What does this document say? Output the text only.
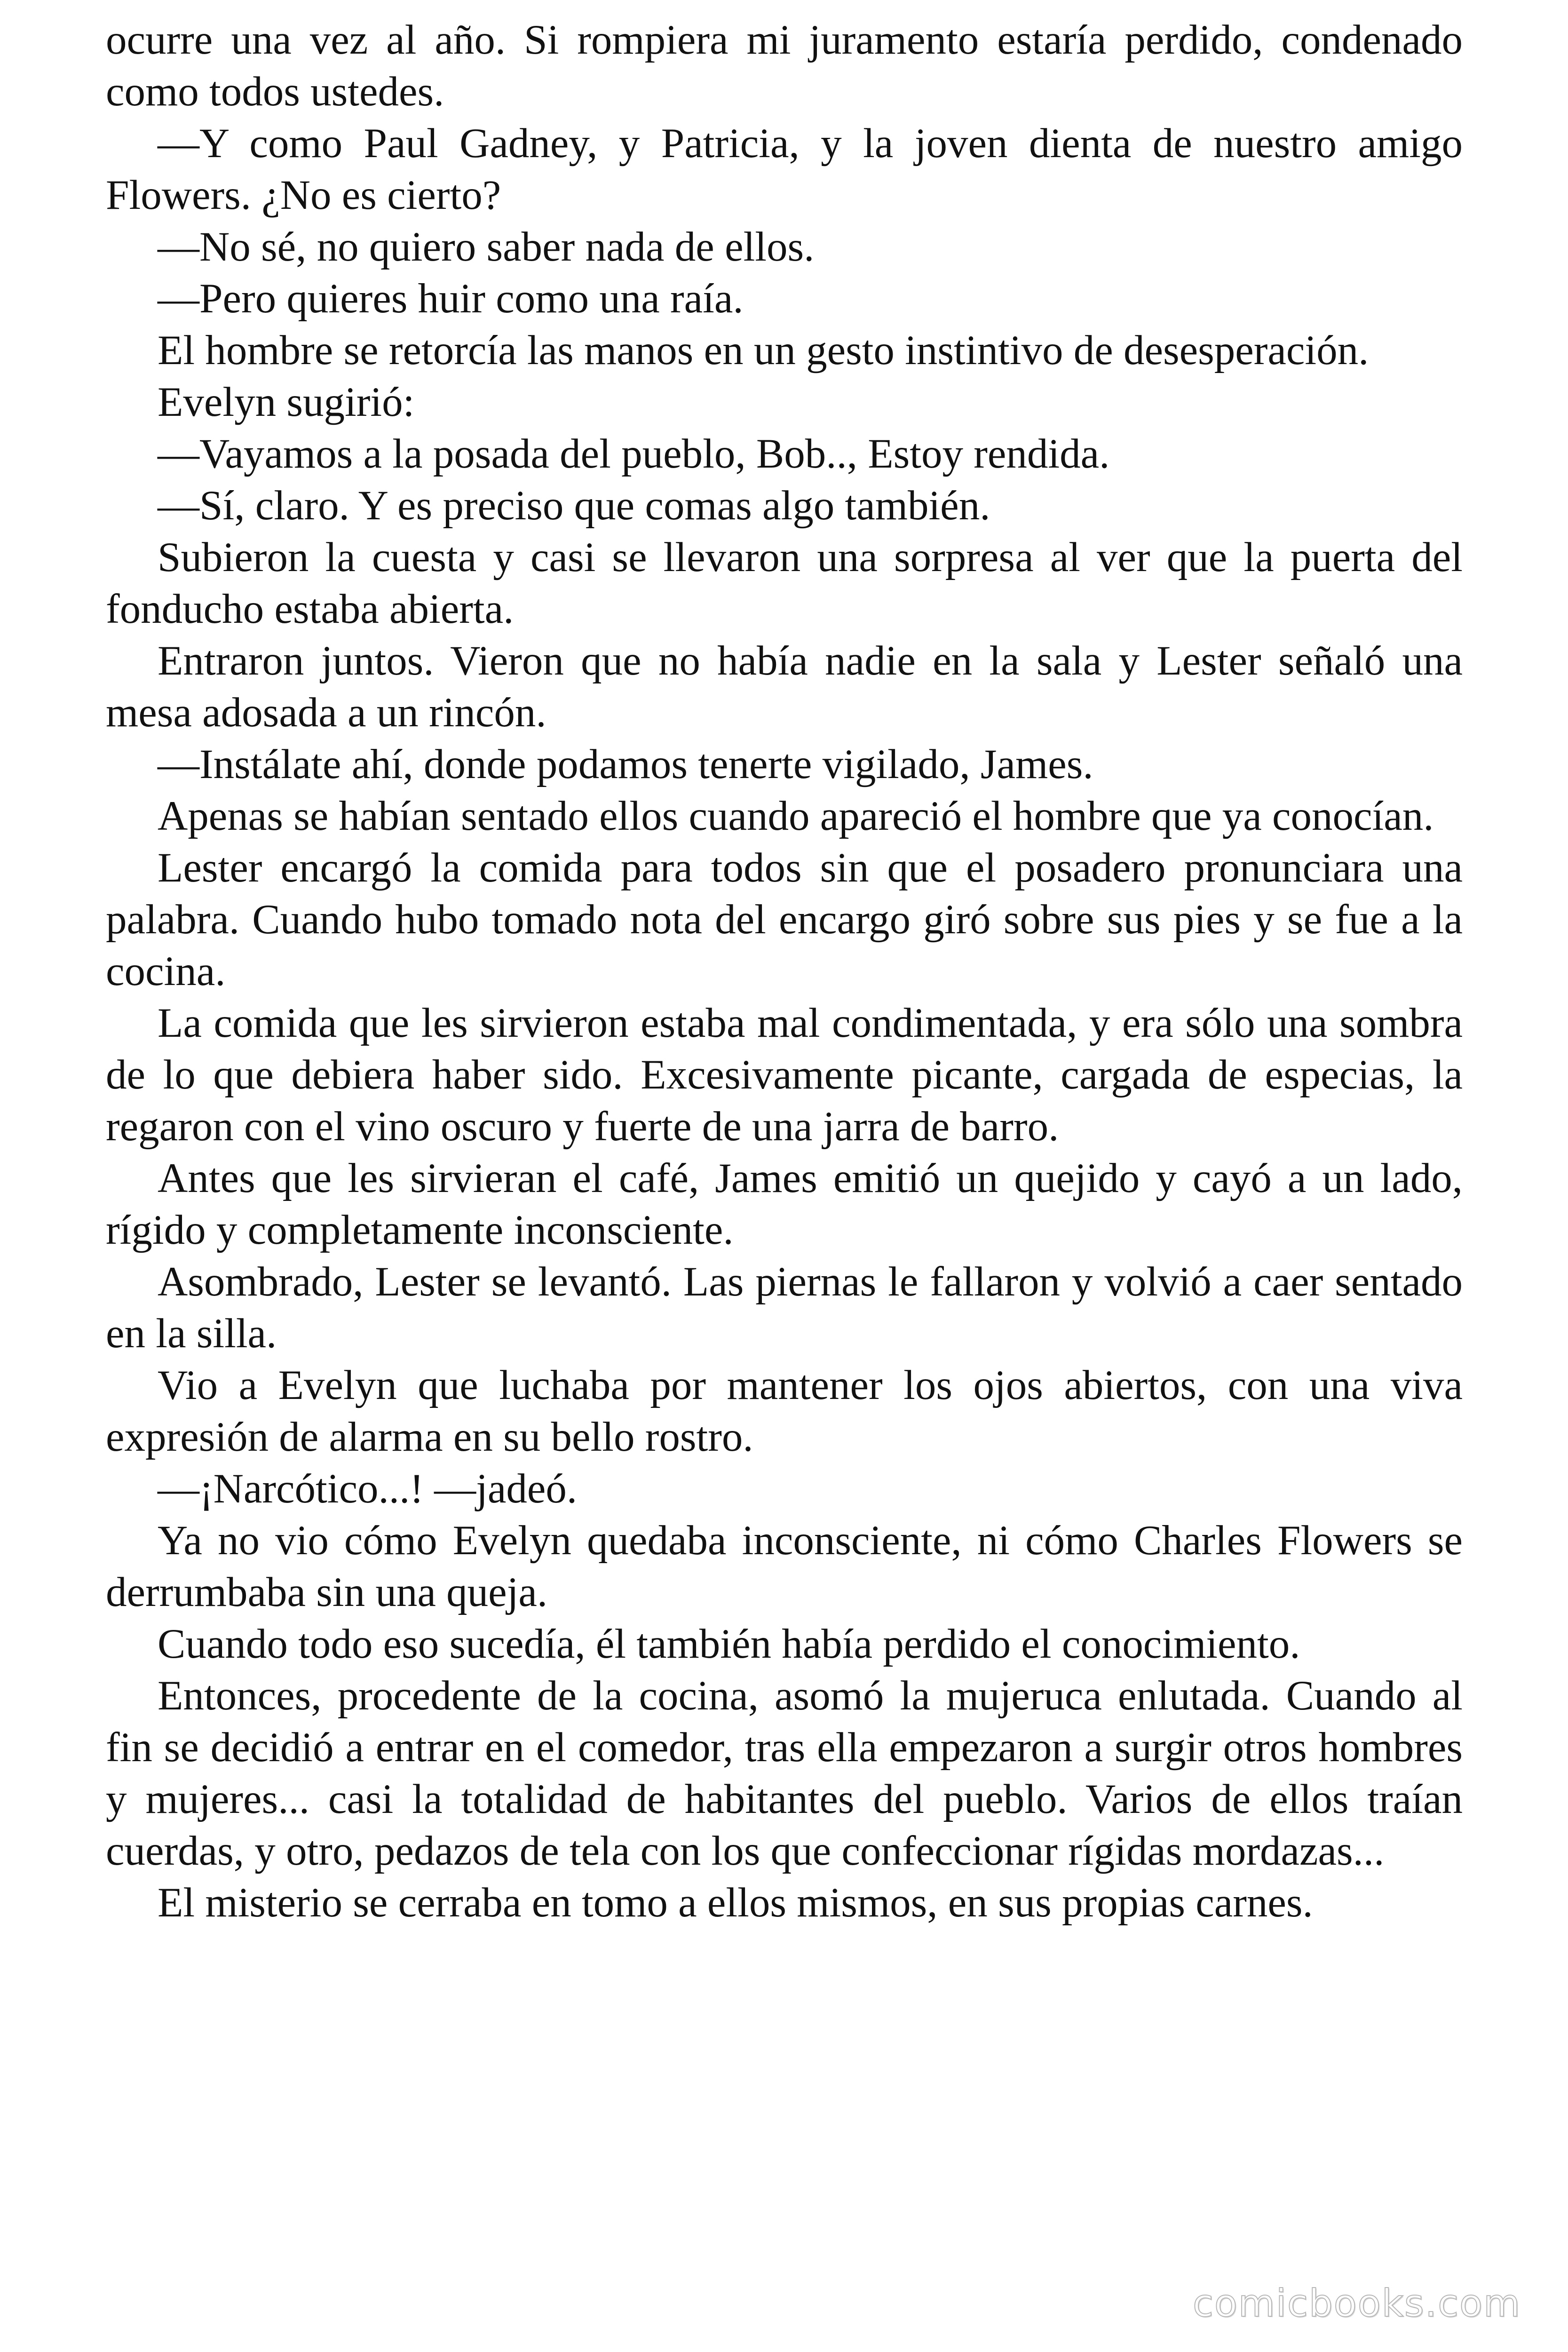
ocurre una vez al año. Si rompiera mi juramento estaría perdido, condenado como todos ustedes.

—Y como Paul Gadney, y Patricia, y la joven dienta de nuestro amigo Flowers. ¿No es cierto?

—No sé, no quiero saber nada de ellos.

—Pero quieres huir como una raía.

El hombre se retorcía las manos en un gesto instintivo de desesperación.

Evelyn sugirió:

—Vayamos a la posada del pueblo, Bob.., Estoy rendida.

—Sí, claro. Y es preciso que comas algo también.

Subieron la cuesta y casi se llevaron una sorpresa al ver que la puerta del fonducho estaba abierta.

Entraron juntos. Vieron que no había nadie en la sala y Lester señaló una mesa adosada a un rincón.

—Instálate ahí, donde podamos tenerte vigilado, James.

Apenas se habían sentado ellos cuando apareció el hombre que ya conocían.

Lester encargó la comida para todos sin que el posadero pronunciara una palabra. Cuando hubo tomado nota del encargo giró sobre sus pies y se fue a la cocina.

La comida que les sirvieron estaba mal condimentada, y era sólo una sombra de lo que debiera haber sido. Excesivamente picante, cargada de especias, la regaron con el vino oscuro y fuerte de una jarra de barro.

Antes que les sirvieran el café, James emitió un quejido y cayó a un lado, rígido y completamente inconsciente.

Asombrado, Lester se levantó. Las piernas le fallaron y volvió a caer sentado en la silla.

Vio a Evelyn que luchaba por mantener los ojos abiertos, con una viva expresión de alarma en su bello rostro.

—¡Narcótico...! —jadeó.

Ya no vio cómo Evelyn quedaba inconsciente, ni cómo Charles Flowers se derrumbaba sin una queja.

Cuando todo eso sucedía, él también había perdido el conocimiento.

Entonces, procedente de la cocina, asomó la mujeruca enlutada. Cuando al fin se decidió a entrar en el comedor, tras ella empezaron a surgir otros hombres y mujeres... casi la totalidad de habitantes del pueblo. Varios de ellos traían cuerdas, y otro, pedazos de tela con los que confeccionar rígidas mordazas...

El misterio se cerraba en tomo a ellos mismos, en sus propias carnes.

comicbooks.com
